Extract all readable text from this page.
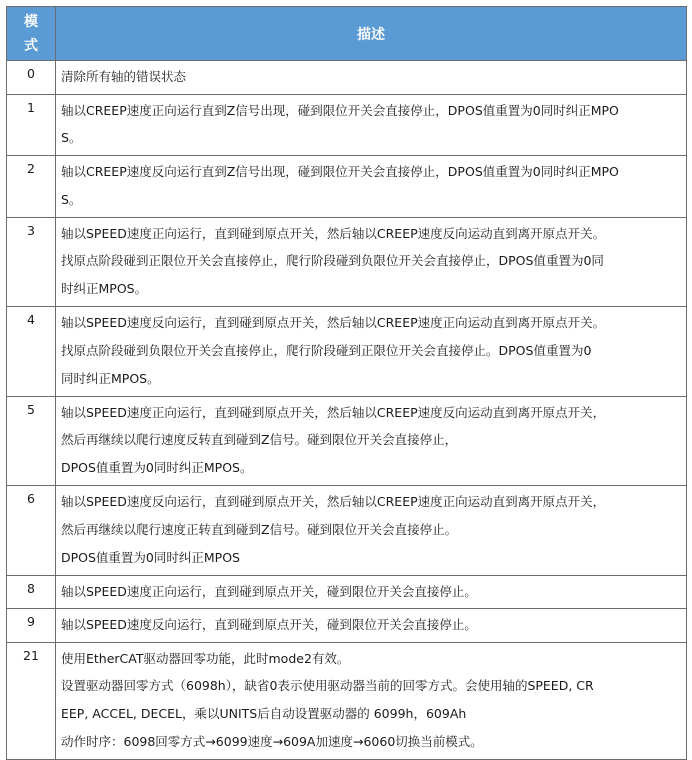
模
式	描述
0	清除所有轴的错误状态

1	轴以CREEP速度正向运行直到Z信号出现，碰到限位开关会直接停止，DPOS值重置为0同时纠正MPO
S。

2	轴以CREEP速度反向运行直到Z信号出现，碰到限位开关会直接停止，DPOS值重置为0同时纠正MPO
S。

3	轴以SPEED速度正向运行，直到碰到原点开关，然后轴以CREEP速度反向运动直到离开原点开关。
找原点阶段碰到正限位开关会直接停止，爬行阶段碰到负限位开关会直接停止，DPOS值重置为0同
时纠正MPOS。

4	轴以SPEED速度反向运行，直到碰到原点开关，然后轴以CREEP速度正向运动直到离开原点开关。
找原点阶段碰到负限位开关会直接停止，爬行阶段碰到正限位开关会直接停止。DPOS值重置为0
同时纠正MPOS。

5	轴以SPEED速度正向运行，直到碰到原点开关，然后轴以CREEP速度反向运动直到离开原点开关，
然后再继续以爬行速度反转直到碰到Z信号。碰到限位开关会直接停止，
DPOS值重置为0同时纠正MPOS。

6	轴以SPEED速度反向运行，直到碰到原点开关，然后轴以CREEP速度正向运动直到离开原点开关，
然后再继续以爬行速度正转直到碰到Z信号。碰到限位开关会直接停止。
DPOS值重置为0同时纠正MPOS

8	轴以SPEED速度正向运行，直到碰到原点开关，碰到限位开关会直接停止。

9	轴以SPEED速度反向运行，直到碰到原点开关，碰到限位开关会直接停止。

21	使用EtherCAT驱动器回零功能，此时mode2有效。
设置驱动器回零方式（6098h），缺省0表示使用驱动器当前的回零方式。会使用轴的SPEED, CR
EEP, ACCEL, DECEL，乘以UNITS后自动设置驱动器的 6099h，609Ah
动作时序：6098回零方式→6099速度→609A加速度→6060切换当前模式。
